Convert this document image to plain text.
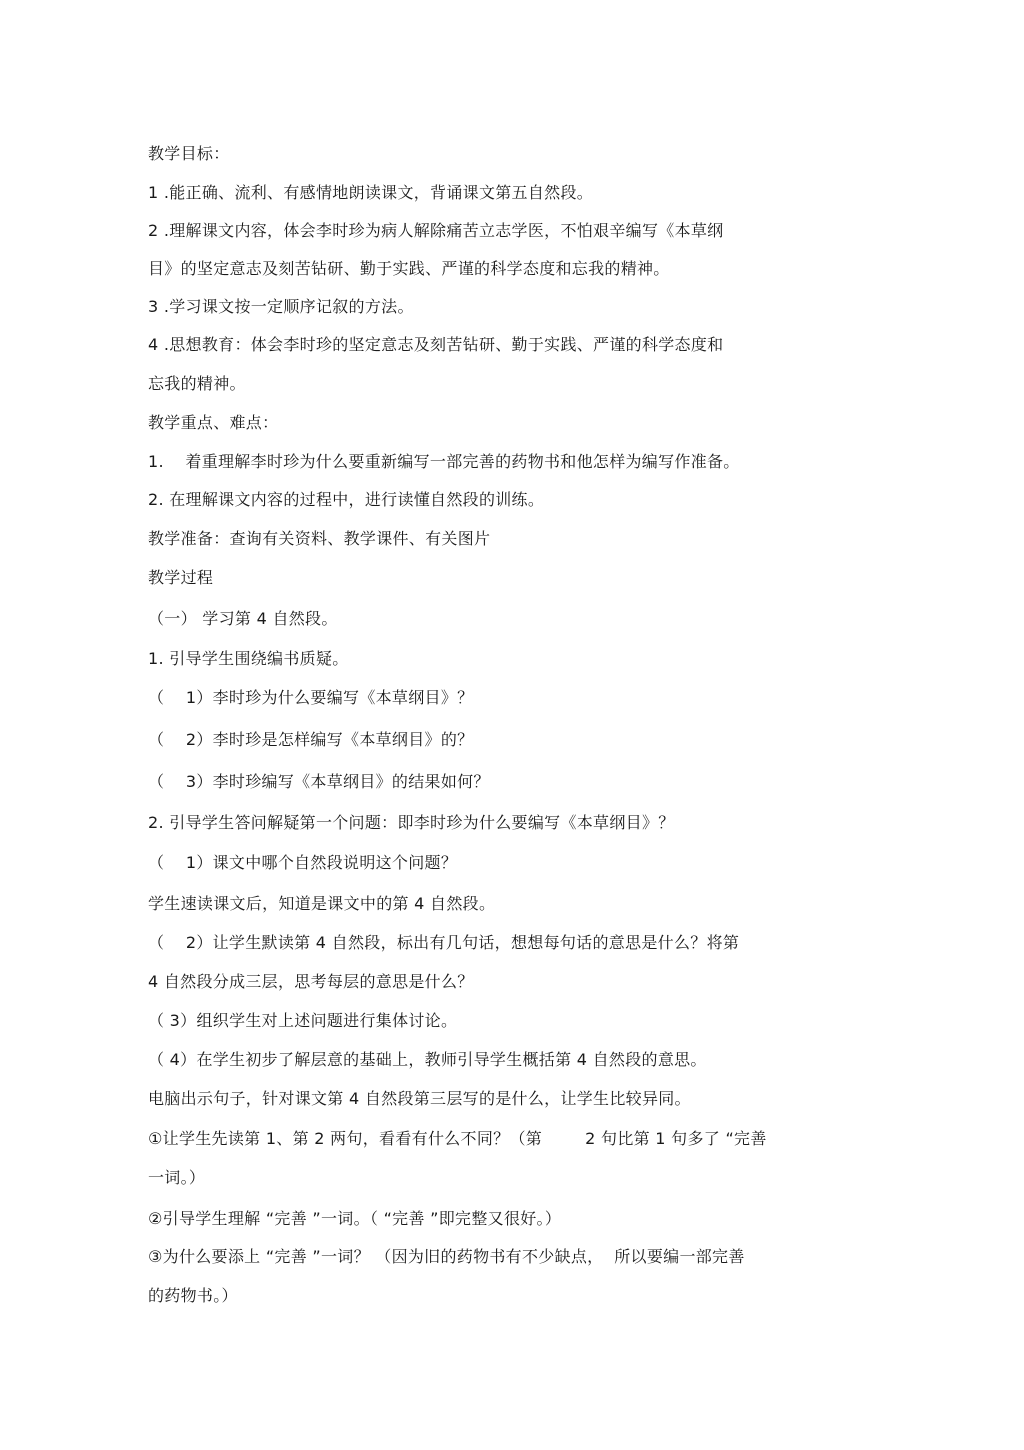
教学目标：
1 .能正确、流利、有感情地朗读课文，背诵课文第五自然段。
2 .理解课文内容，体会李时珍为病人解除痛苦立志学医，不怕艰辛编写《本草纲
目》的坚定意志及刻苦钻研、勤于实践、严谨的科学态度和忘我的精神。
3 .学习课文按一定顺序记叙的方法。
4 .思想教育：体会李时珍的坚定意志及刻苦钻研、勤于实践、严谨的科学态度和
忘我的精神。
教学重点、难点：
1.    着重理解李时珍为什么要重新编写一部完善的药物书和他怎样为编写作准备。
2. 在理解课文内容的过程中，进行读懂自然段的训练。
教学准备：查询有关资料、教学课件、有关图片
教学过程
（一） 学习第 4 自然段。
1. 引导学生围绕编书质疑。
（    1）李时珍为什么要编写《本草纲目》？
（    2）李时珍是怎样编写《本草纲目》的？
（    3）李时珍编写《本草纲目》的结果如何？
2. 引导学生答问解疑第一个问题：即李时珍为什么要编写《本草纲目》？
（    1）课文中哪个自然段说明这个问题？
学生速读课文后，知道是课文中的第 4 自然段。
（    2）让学生默读第 4 自然段，标出有几句话，想想每句话的意思是什么？将第
4 自然段分成三层，思考每层的意思是什么？
（ 3）组织学生对上述问题进行集体讨论。
（ 4）在学生初步了解层意的基础上，教师引导学生概括第 4 自然段的意思。
电脑出示句子，针对课文第 4 自然段第三层写的是什么，让学生比较异同。
①让学生先读第 1、第 2 两句，看看有什么不同？（第        2 句比第 1 句多了 “完善
一词。）
②引导学生理解 “完善 ”一词。（ “完善 ”即完整又很好。）
③为什么要添上 “完善 ”一词？ （因为旧的药物书有不少缺点，  所以要编一部完善
的药物书。）
